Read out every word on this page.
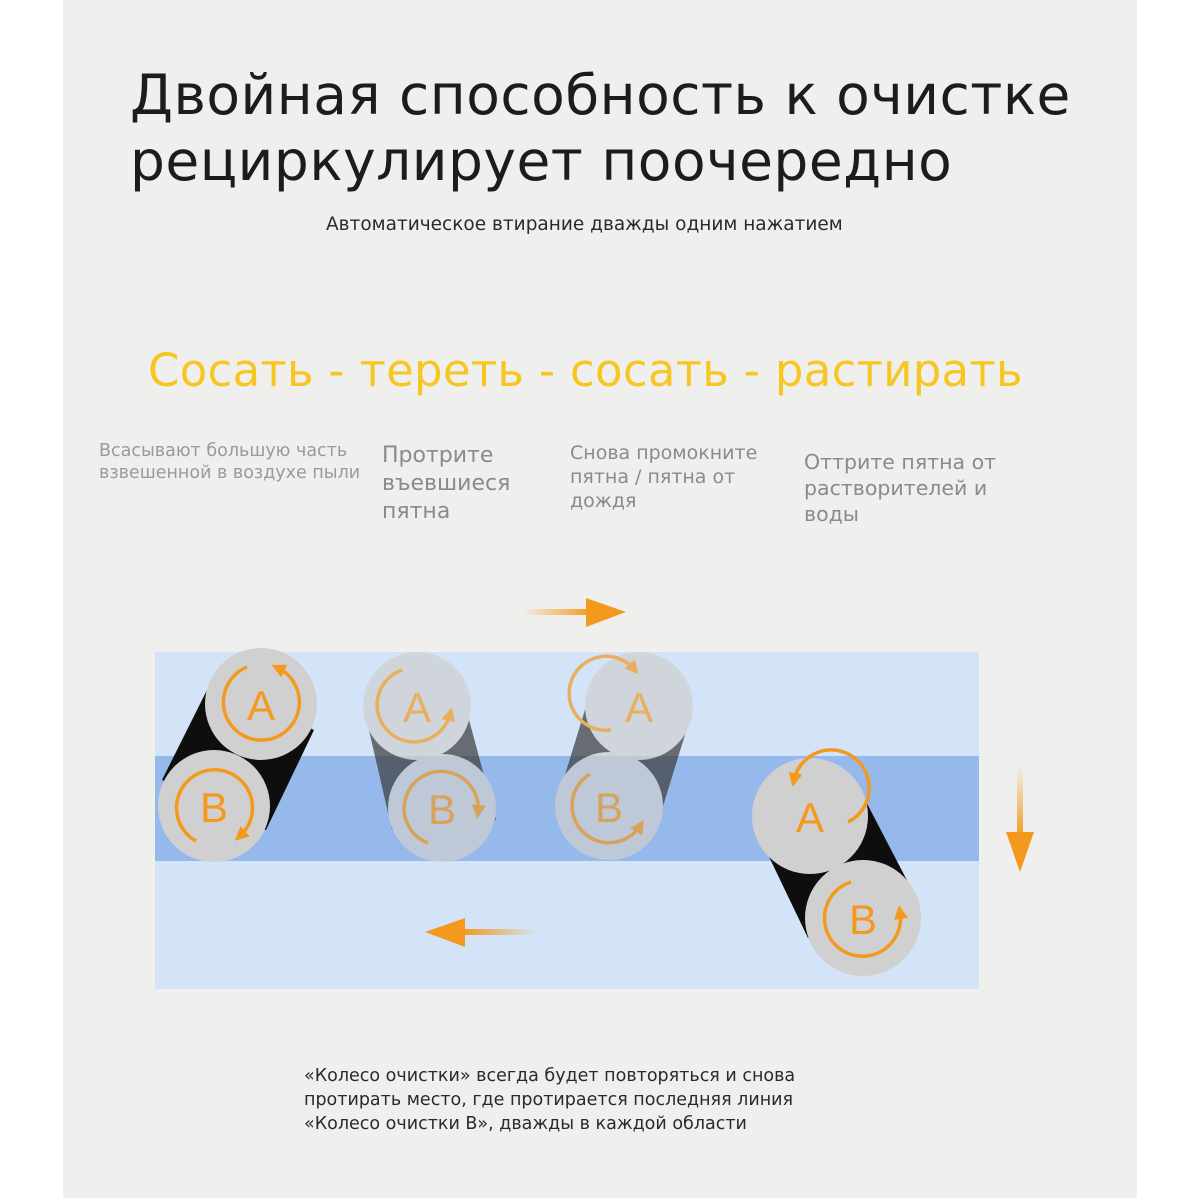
Двойная способность к очистке
рециркулирует поочередно
Автоматическое втирание дважды одним нажатием
Сосать - тереть - сосать - растирать
Всасывают большую часть взвешенной в воздухе пыли
Протрите въевшиеся пятна
Снова промокните пятна / пятна от дождя
Оттрите пятна от растворителей и воды
A
B
A
B
A
B	A
B
«Колесо очистки» всегда будет повторяться и снова
протирать место, где протирается последняя линия
«Колесо очистки В», дважды в каждой области
